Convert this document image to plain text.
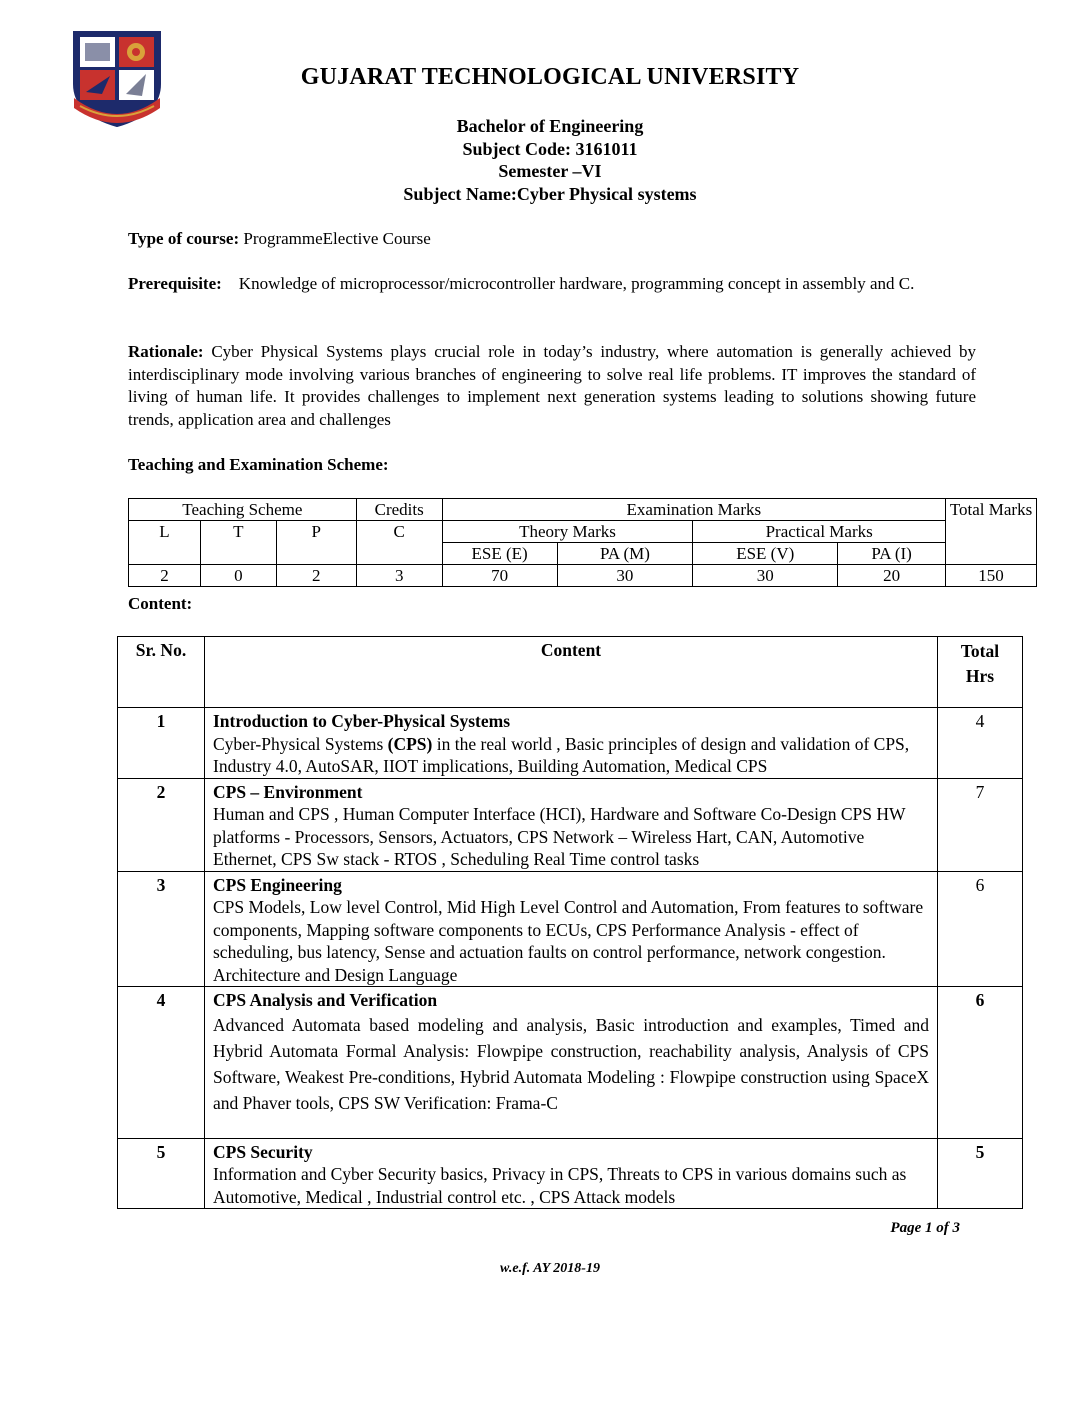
GUJARAT TECHNOLOGICAL UNIVERSITY
Bachelor of Engineering
Subject Code: 3161011
Semester –VI
Subject Name:Cyber Physical systems
Type of course: ProgrammeElective Course
Prerequisite:    Knowledge of microprocessor/microcontroller hardware, programming concept in assembly and C.
Rationale: Cyber Physical Systems plays crucial role in today’s industry, where automation is generally achieved by interdisciplinary mode involving various branches of engineering to solve real life problems. IT improves the standard of living of human life. It provides challenges to implement next generation systems leading to solutions showing future trends, application area and challenges
Teaching and Examination Scheme:
Teaching Scheme			Credits	Examination Marks				Total Marks
L	T	P	C	Theory Marks		Practical Marks		
				ESE (E)	PA (M)	ESE (V)	PA (I)	
2	0	2	3	70	30	30	20	150
Content:
Sr. No.	Content	Total Hrs
1	Introduction to Cyber-Physical Systems
Cyber-Physical Systems (CPS) in the real world , Basic principles of design and validation of CPS, Industry 4.0, AutoSAR, IIOT implications, Building Automation, Medical CPS	4
2	CPS – Environment
Human and CPS , Human Computer Interface (HCI), Hardware and Software Co-Design CPS HW platforms - Processors, Sensors, Actuators, CPS Network – Wireless Hart, CAN, Automotive Ethernet, CPS Sw stack - RTOS , Scheduling Real Time control tasks	7
3	CPS Engineering
CPS Models, Low level Control, Mid High Level Control and Automation, From features to software components, Mapping software components to ECUs, CPS Performance Analysis - effect of scheduling, bus latency, Sense and actuation faults on control performance, network congestion. Architecture and Design Language	6
4	CPS Analysis and Verification
Advanced Automata based modeling and analysis, Basic introduction and examples, Timed and Hybrid Automata Formal Analysis: Flowpipe construction, reachability analysis, Analysis of CPS Software, Weakest Pre-conditions, Hybrid Automata Modeling : Flowpipe construction using SpaceX and Phaver tools, CPS SW Verification: Frama-C	6
5	CPS Security
Information and Cyber Security basics, Privacy in CPS, Threats to CPS in various domains such as Automotive, Medical , Industrial control etc. , CPS Attack models	5
Page 1 of 3
w.e.f. AY 2018-19
